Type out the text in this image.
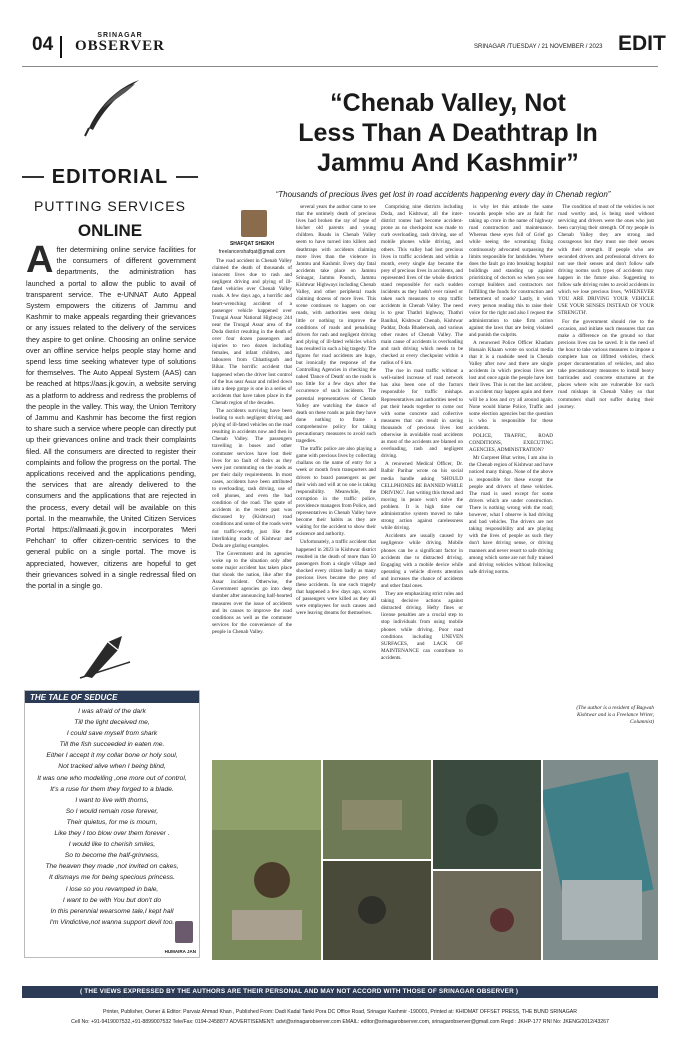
04	SRINAGAR
OBSERVER	SRINAGAR /TUESDAY / 21 NOVEMBER / 2023 EDIT
EDITORIAL
PUTTING SERVICES
ONLINE
After determining online service facilities for the consumers of different government departments, the administration has launched a portal to allow the public to avail of transparent service. The e-UNNAT Auto Appeal System empowers the citizens of Jammu and Kashmir to make appeals regarding their grievances or any issues related to the delivery of the services they aspire to get online. Choosing an online service over an offline service helps people stay home and spend less time seeking whatever type of solutions for themselves. The Auto Appeal System (AAS) can be reached at https://aas.jk.gov.in, a website serving as a platform to address and redress the problems of the people in the valley. This way, the Union Territory of Jammu and Kashmir has become the first region to share such a service where people can directly put up their grievances online and track their complaints filed. All the consumers are directed to register their complaints and follow the progress on the portal. The applications received and the applications pending, the services that are already delivered to the consumers and the applications that are rejected in the process, every detail will be available on this portal. In the meanwhile, the United Citizen Services Portal https://allmaati.jk.gov.in incorporates 'Meri Pehchan' to offer citizen-centric services to the general public on a single portal. The move is appreciated, however, citizens are hopeful to get their grievances solved in a single redressal filed on the portal in a single go.
THE TALE OF SEDUCE
I was afraid of the dark
Till the light deceived me,
I could save myself from shark
Till the fish succeeded in eaten me.
Either I accept it my collar bone or holy soul,
Not tracked alive when I being blind,
It was one who modelling ,one more out of control,
It's a ruse for them they forged to a blade.
I want to live with thorns,
So I would remain rose forever,
Their quietus, for me is mourn,
Like they I too blow over them forever .
I would like to cherish smiles,
So to become the half-grinness,
The heaven they made ,not invited on cakes,
It dismays me for being specious princess.
I lose so you revamped in bale,
I want to be with You but don't do
In this perennial wearsome tale,I kept hall
I'm Vindictive,not wanna support devil too.
HUMAIRA JAN
“Chenab Valley, Not
Less Than A Deathtrap In
Jammu And Kashmir”
“Thousands of precious lives get lost in road accidents happening every day in Chenab region”
SHAFQAT SHEIKH
freelancershafqat@gmail.com

The road accident in Chenab Valley claimed the death of thousands of innocent lives due to rash and negligent driving and plying of ill-fated vehicles over Chenab Valley roads. A few days ago, a horrific and heart-wrenching accident of a passenger vehicle happened over Trungal Assar National Highway 244 near the Trungal Assar area of the Doda district resulting in the death of over four dozen passengers and injuries to two dozen including females, and infant children, and labourers from Chhattisgarh and Bihar. The horrific accident that happened when the driver lost control of the bus near Assar and rolled down into a deep gorge is one in a series of accidents that have taken place in the Chenab region of the decades.

The accidents surviving have been leading to such negligent driving and plying of ill-fated vehicles on the road resulting in accidents now and then in Chenab Valley. The passengers travelling in buses and other commuter services have lost their lives for no fault of theirs as they were just commuting on the roads as per their daily requirements. In most cases, accidents have been attributed to overloading, rash driving, use of cell phones, and even the bad condition of the road. The spate of accidents in the recent past was discussed by (Kishtwar) road conditions and some of the roads were not traffic-worthy, just like the interlinking roads of Kishtwar and Doda are glaring examples.

The Government and its agencies woke up to the situation only after some major accident has taken place that shook the nation, like after the Assar incident. Otherwise, the Government agencies go into deep slumber after announcing half-hearted measures over the issue of accidents and its causes to improve the road conditions as well as the commuter services for the convenience of the people in Chenab Valley.

several years the author came to see that the untimely death of precious lives had broken the ray of hope of his/her old parents and young children. Roads in Chenab Valley seem to have turned into killers and deathtraps with accidents claiming more lives than the violence in Jammu and Kashmir. Every day fatal accidents take place on Jammu Srinagar, Jammu Poonch, Jammu Kishtwar Highways including Chenab Valley, and other peripheral roads claiming dozens of more lives. This scene continues to happen on our roads, with authorities seen doing little or nothing to improve the conditions of roads and penalising drivers for rash and negligent driving and plying of ill-fated vehicles which has resulted in such a big tragedy. The figures for road accidents are huge, but ironically the response of the Controlling Agencies in checking the naked 'Dance of Death' on the roads is too little for a few days after the occurrence of such incidents. The potential representatives of Chenab Valley are watching the dance of death on these roads as pain they have done nothing to frame a comprehensive policy for taking precautionary measures to avoid such tragedies.

The traffic police are also playing a game with precious lives by collecting challans on the name of entry for a week or month from transporters and drivers to board passengers as per their wish and will at no one is taking responsibility. Meanwhile, the corruption in the traffic police, providence managers from Police, and representatives in Chenab Valley have become their habits as they are waiting for the accident to show their existence and authority.

Unfortunately, a traffic accident that happened in 2023 in Kishtwar district resulted in the death of more than 50 passengers from a single village and shocked every citizen badly as many precious lives became the prey of these accidents. In one such tragedy that happened a few days ago, scores of passengers were killed as they all were employees for such causes and were leaving dreams for themselves.

Comprising nine districts including Doda, and Kishtwar, all the inter-district routes had become accident-prone as no checkpoint was made to curb overloading, rash driving, use of mobile phones while driving, and others. This valley had lost precious lives in traffic accidents and within a month, every single day became the prey of precious lives in accidents, and represented lives of the whole districts stand responsible for such sudden incidents as they hadn't ever raised or taken such measures to stop traffic accidents in Chenab Valley. The need is to gear Thathri highway, Thathri Banihal, Kishtwar Chenab, Kishtwar Paddar, Doda Bhaderwah, and various other routes of Chenab Valley. The main cause of accidents is overloading and rash driving which needs to be checked at every checkpoint within a radius of 6 km.

The rise in road traffic without a well-suited increase of road network has also been one of the factors responsible for traffic mishaps. Representatives and authorities need to put their heads together to come out with some concrete and collective measures that can result in saving thousands of precious lives lost otherwise in avoidable road accidents as most of the accidents are blamed on overloading, rash and negligent driving.

A renowned Medical Officer, Dr. Balbir Parihar wrote on his social media handle asking 'SHOULD CELLPHONES BE BANNED WHILE DRIVING'. Just writing this thread and moving in peace won't solve the problem. It is high time our administrative system moved to take strong action against carelessness while driving.

Accidents are usually caused by negligence while driving. Mobile phones can be a significant factor in accidents due to distracted driving. Engaging with a mobile device while operating a vehicle diverts attention and increases the chance of accidents and other fatal ones.

They are emphasizing strict rules and taking decisive actions against distracted driving. Hefty fines or license penalties are a crucial step to stop individuals from using mobile phones while driving. Poor road conditions including UNEVEN SURFACES, and LACK OF MAINTENANCE can contribute to accidents.

is why let this attitude the same towards people who are at fault for taking up crore in the name of highway road construction and maintenance. Whereas these eyes full of Grief go while seeing the screaming fixing continuously advocated surpassing the limits responsible for landslides. Where does the fault go into breaking hospital buildings and standing up against prioritizing of doctors so when you see corrupt builders and contractors not fulfilling the funds for construction and betterment of roads? Lastly, it wish every person reading this to raise their voice for the right and also I request the administration to take firm action against the laws that are being violated and punish the culprits.

A renowned Police Officer Khadam Hussain Khaam wrote on social media that it is a roadside need in Chenab Valley after now and there are single accidents in which precious lives are lost and once again the people have lost their lives. This is not the last accident, an accident may happen again and there will be a loss and cry all around again. None would blame Police, Traffic and some election agencies but the question is who is responsible for these accidents.

POLICE, TRAFFIC, ROAD CONDITIONS, EXECUTING AGENCIES, ADMINISTRATION?

Mr Gurpreet Bhat writes, I am also in the Chenab region of Kishtwar and have noticed many things. None of the above is responsible for these except the people and drivers of these vehicles. The road is used except for some drivers which are under construction. There is nothing wrong with the road; however, what I observe is bad driving and bad vehicles. The drivers are not taking responsibility and are playing with the lives of people as such they don't have driving sense, or driving manners and never resort to safe driving among which some are not fully trained and driving vehicles without following safe driving norms.

The condition of most of the vehicles is not road worthy and, is being used without servicing and drivers were the ones who just been carrying their strength. Of my people in Chenab Valley they are strong and courageous but they must use their senses with their strength. If people who are seconded drivers and professional drivers do not use their senses and don't follow safe driving norms such types of accidents may happen in the future also. Suggesting to follow safe driving rules to avoid accidents in which we lose precious lives, 'WHENEVER YOU ARE DRIVING YOUR VEHICLE USE YOUR SENSES INSTEAD OF YOUR STRENGTH'.

For the government should rise to the occasion, and initiate such measures that can make a difference on the ground so that precious lives can be saved. It is the need of the hour to take various measures to impose a complete ban on illfitted vehicles, check proper documentation of vehicles, and also take precautionary measures to install heavy barricades and concrete structures at the places where wits are vulnerable for such road mishaps in Chenab Valley so that commuters shall not suffer during their journey.

(The author is a resident of Bagwah Kishtwar and is a Freelance Writer, Columnist)
( THE VIEWS EXPRESSED BY THE AUTHORS ARE THEIR PERSONAL AND MAY NOT ACCORD WITH THOSE OF SRINAGAR OBSERVER )
Printer, Publisher, Owner & Editor: Parvaiz Ahmad Khan , Published From: Dadi Kadal Tanki Pora DC Office Road, Srinagar Kashmir -190001, Printed at: KHIDMAT OFFSET PRESS, THE BUND SRINAGAR
Cell No: +91-9419007532,+91-8899007532 Tele/Fax: 0194-2458877 ADVERTISEMENT: advt@srinagarobserver.com EMAIL: editor@srinagarobserver.com, srinagarobserver@gmail.com Regd : JKHP-177 RNI No: JKENG/2012/43267
